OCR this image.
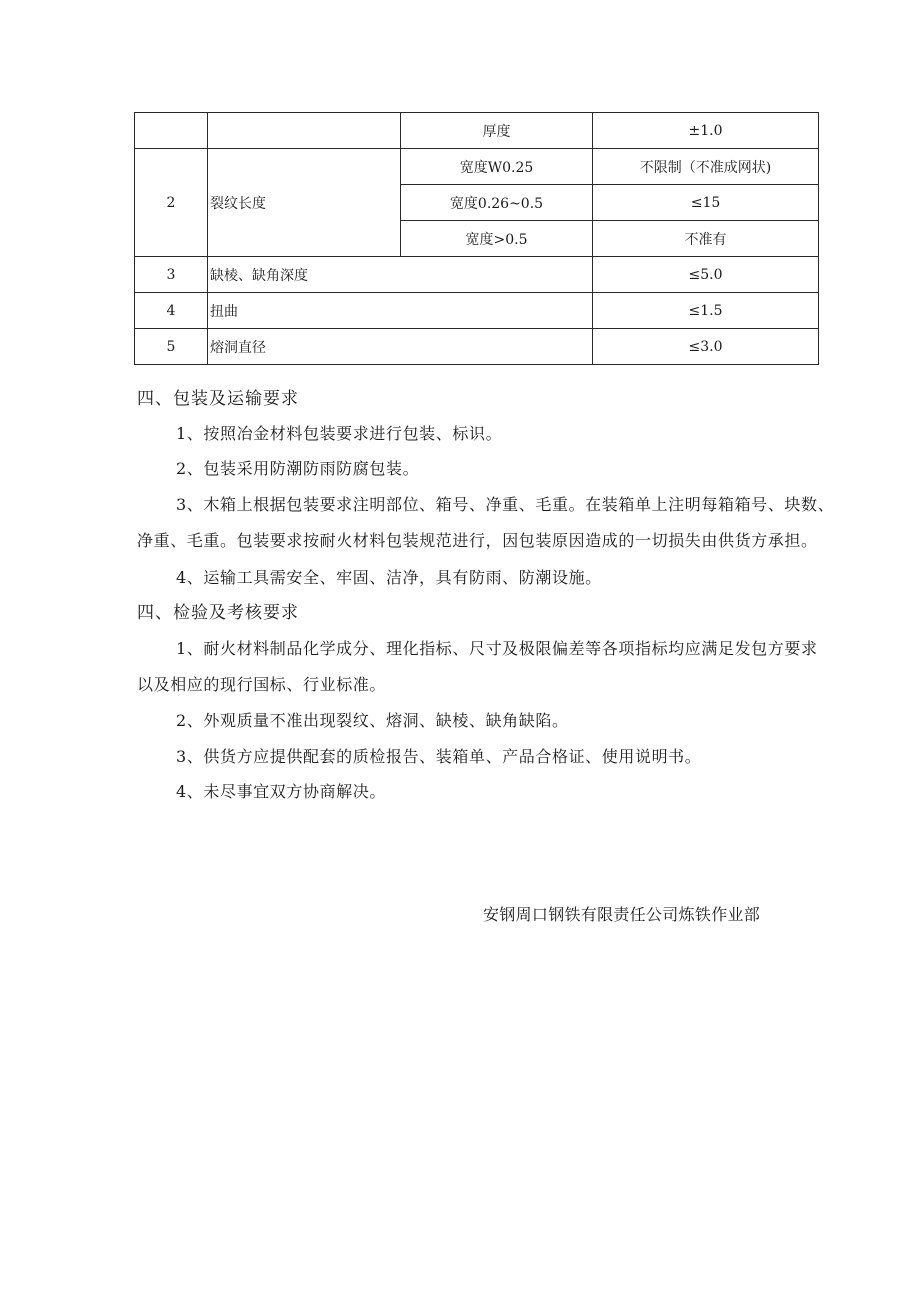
		厚度	±1.0
2	裂纹长度	宽度W0.25	不限制（不准成网状)
		宽度0.26~0.5	≤15
		宽度>0.5	不准有
3	缺棱、缺角深度		≤5.0
4	扭曲		≤1.5
5	熔洞直径		≤3.0
四、包装及运输要求
1、按照冶金材料包装要求进行包装、标识。
2、包装采用防潮防雨防腐包装。
3、木箱上根据包装要求注明部位、箱号、净重、毛重。在装箱单上注明每箱箱号、块数、
净重、毛重。包装要求按耐火材料包装规范进行，因包装原因造成的一切损失由供货方承担。
4、运输工具需安全、牢固、洁净，具有防雨、防潮设施。
四、检验及考核要求
1、耐火材料制品化学成分、理化指标、尺寸及极限偏差等各项指标均应满足发包方要求
以及相应的现行国标、行业标准。
2、外观质量不准出现裂纹、熔洞、缺棱、缺角缺陷。
3、供货方应提供配套的质检报告、装箱单、产品合格证、使用说明书。
4、未尽事宜双方协商解决。
安钢周口钢铁有限责任公司炼铁作业部
